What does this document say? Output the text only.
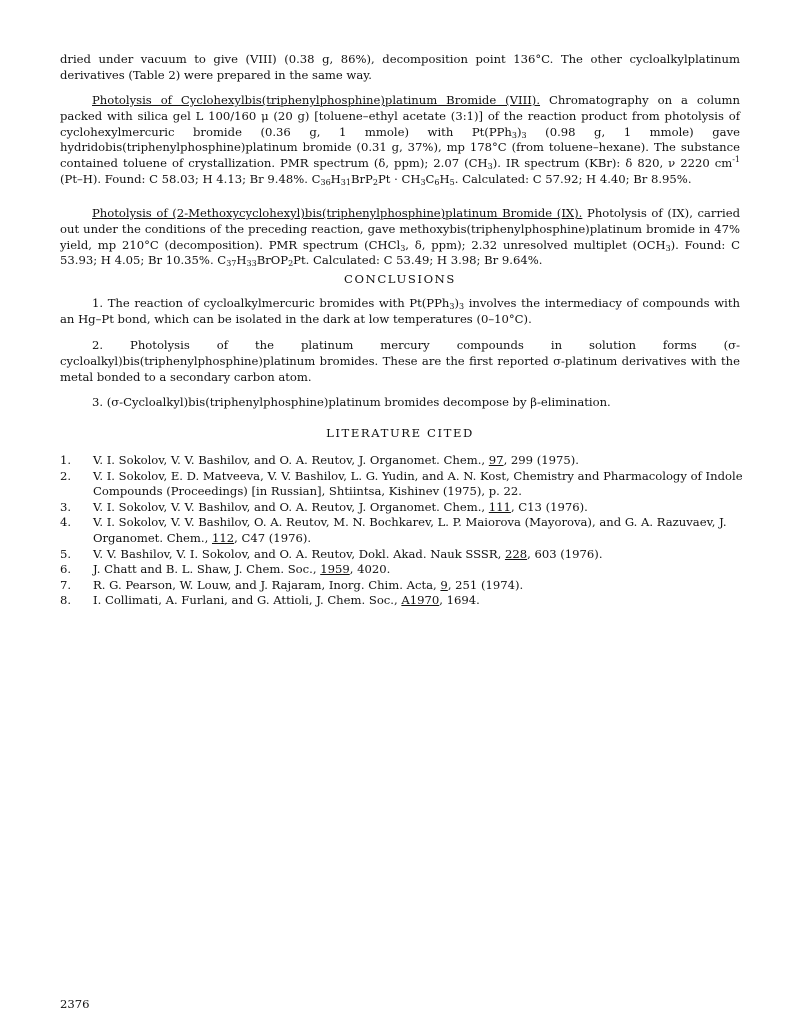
dried under vacuum to give (VIII) (0.38 g, 86%), decomposition point 136°C. The other cycloalkylplatinum derivatives (Table 2) were prepared in the same way.

Photolysis of Cyclohexylbis(triphenylphosphine)platinum Bromide (VIII). Chromatography on a column packed with silica gel L 100/160 μ (20 g) [toluene–ethyl acetate (3:1)] of the reaction product from photolysis of cyclohexylmercuric bromide (0.36 g, 1 mmole) with $Pt(PPh_3)_3$ (0.98 g, 1 mmole) gave hydridobis(triphenylphosphine)platinum bromide (0.31 g, 37%), mp 178°C (from toluene–hexane). The substance contained toluene of crystallization. PMR spectrum (δ, ppm); 2.07 $(CH_3)$. IR spectrum (KBr): δ 820, ν 2220 $cm^{-1}$ (Pt–H). Found: C 58.03; H 4.13; Br 9.48%. $C_{36}H_{31}BrP_2Pt \cdot CH_3C_6H_5$. Calculated: C 57.92; H 4.40; Br 8.95%.

Photolysis of (2-Methoxycyclohexyl)bis(triphenylphosphine)platinum Bromide (IX). Photolysis of (IX), carried out under the conditions of the preceding reaction, gave methoxybis(triphenylphosphine)platinum bromide in 47% yield, mp 210°C (decomposition). PMR spectrum (CHCl$_3$, δ, ppm); 2.32 unresolved multiplet $(OCH_3)$. Found: C 53.93; H 4.05; Br 10.35%. $C_{37}H_{33}BrOP_2Pt$. Calculated: C 53.49; H 3.98; Br 9.64%.

CONCLUSIONS

1. The reaction of cycloalkylmercuric bromides with $Pt(PPh_3)_3$ involves the intermediacy of compounds with an Hg–Pt bond, which can be isolated in the dark at low temperatures (0–10°C).

2. Photolysis of the platinum mercury compounds in solution forms (σ-cycloalkyl)bis(triphenylphosphine)platinum bromides. These are the first reported σ-platinum derivatives with the metal bonded to a secondary carbon atom.

3. (σ-Cycloalkyl)bis(triphenylphosphine)platinum bromides decompose by β-elimination.

LITERATURE CITED

1.	V. I. Sokolov, V. V. Bashilov, and O. A. Reutov, J. Organomet. Chem., 97, 299 (1975).
2.	V. I. Sokolov, E. D. Matveeva, V. V. Bashilov, L. G. Yudin, and A. N. Kost, Chemistry and Pharmacology of Indole Compounds (Proceedings) [in Russian], Shtiintsa, Kishinev (1975), p. 22.
3.	V. I. Sokolov, V. V. Bashilov, and O. A. Reutov, J. Organomet. Chem., 111, C13 (1976).
4.	V. I. Sokolov, V. V. Bashilov, O. A. Reutov, M. N. Bochkarev, L. P. Maiorova (Mayorova), and G. A. Razuvaev, J. Organomet. Chem., 112, C47 (1976).
5.	V. V. Bashilov, V. I. Sokolov, and O. A. Reutov, Dokl. Akad. Nauk SSSR, 228, 603 (1976).
6.	J. Chatt and B. L. Shaw, J. Chem. Soc., 1959, 4020.
7.	R. G. Pearson, W. Louw, and J. Rajaram, Inorg. Chim. Acta, 9, 251 (1974).
8.	I. Collimati, A. Furlani, and G. Attioli, J. Chem. Soc., A1970, 1694.
2376
